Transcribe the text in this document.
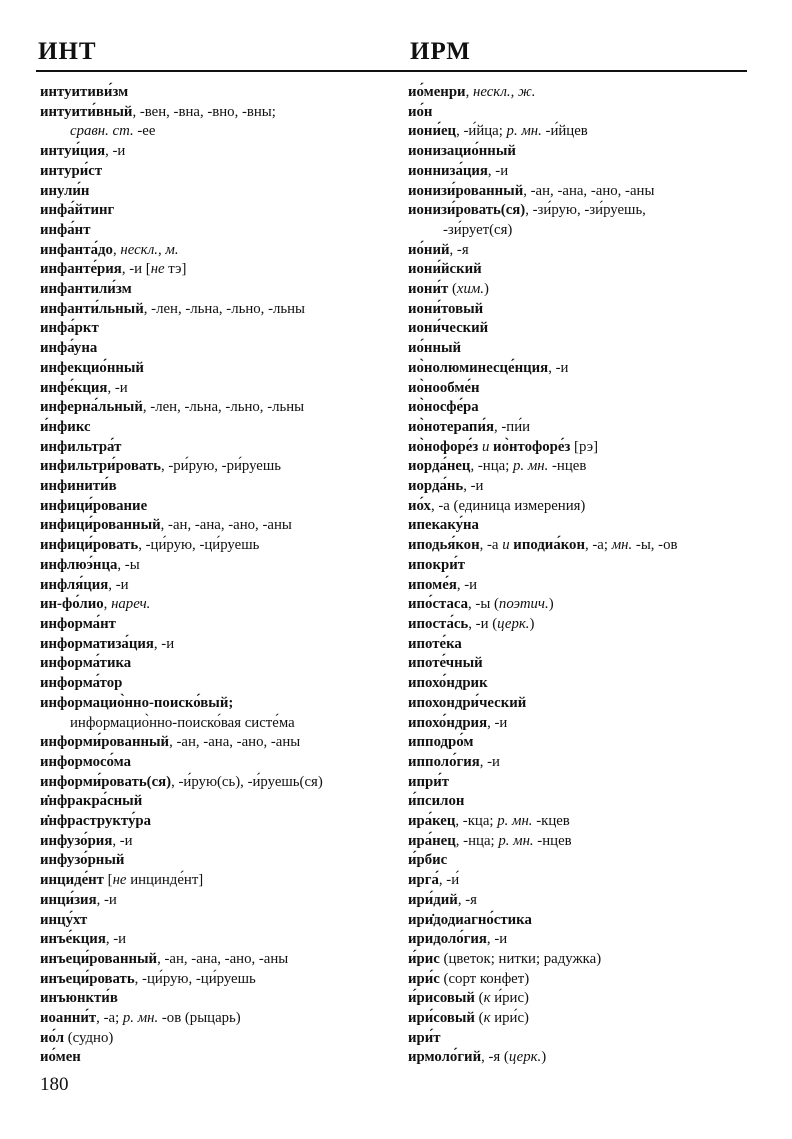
ИНТ	ИРМ
интуитиви́зм
интуити́вный, -вен, -вна, -вно, -вны;
сравн. ст. -ее
интуи́ция, -и
интури́ст
инули́н
инфа́йтинг
инфа́нт
инфанта́до, нескл., м.
инфанте́рия, -и [не тэ]
инфантили́зм
инфанти́льный, -лен, -льна, -льно, -льны
инфа́ркт
инфа́уна
инфекцио́нный
инфе́кция, -и
инферна́льный, -лен, -льна, -льно, -льны
и́нфикс
инфильтра́т
инфильтри́ровать, -ри́рую, -ри́руешь
инфинити́в
инфици́рование
инфици́рованный, -ан, -ана, -ано, -аны
инфици́ровать, -ци́рую, -ци́руешь
инфлюэ́нца, -ы
инфля́ция, -и
ин-фо́лио, нареч.
информа́нт
информатиза́ция, -и
информа́тика
информа́тор
информацио̀нно-поиско́вый;
информацио̀нно-поиско́вая систе́ма
информи́рованный, -ан, -ана, -ано, -аны
информосо́ма
информи́ровать(ся), -и́рую(сь), -и́руешь(ся)
и̇нфракра́сный
и̇нфраструкту́ра
инфузо́рия, -и
инфузо́рный
инциде́нт [не инцинде́нт]
инци́зия, -и
инцу́хт
инъе́кция, -и
инъеци́рованный, -ан, -ана, -ано, -аны
инъеци́ровать, -ци́рую, -ци́руешь
инъюнкти́в
иоанни́т, -а; р. мн. -ов (рыцарь)
ио́л (судно)
ио́мен
ио́менри, нескл., ж.
ио́н
иони́ец, -и́йца; р. мн. -и́йцев
ионизацио́нный
ионниза́ция, -и
ионизи́рованный, -ан, -ана, -ано, -аны
ионизи́ровать(ся), -зи́рую, -зи́руешь,
-зи́рует(ся)
ио́ний, -я
иони́йский
иони́т (хим.)
иони́товый
иони́ческий
ио́нный
ио̀нолюминесце́нция, -и
ио̀нообме́н
ио̀носфе́ра
ио̀нотерапи́я, -пи́и
ио̀нофоре́з и ио̀нтофоре́з [рэ]
иорда́нец, -нца; р. мн. -нцев
иорда́нь, -и
ио́х, -а (единица измерения)
ипекаку́на
иподья́кон, -а и иподиа́кон, -а; мн. -ы, -ов
ипокри́т
ипоме́я, -и
ипо́стаса, -ы (поэтич.)
ипоста́сь, -и (церк.)
ипоте́ка
ипоте́чный
ипохо́ндрик
ипохондри́ческий
ипохо́ндрия, -и
ипподро́м
ипполо́гия, -и
ипри́т
и́псилон
ира́кец, -кца; р. мн. -кцев
ира́нец, -нца; р. мн. -нцев
и́рбис
ирга́, -и́
ири́дий, -я
ири̇додиагно́стика
иридоло́гия, -и
и́рис (цветок; нитки; радужка)
ири́с (сорт конфет)
и́рисовый (к и́рис)
ири́совый (к ири́с)
ири́т
ирмоло́гий, -я (церк.)
180
